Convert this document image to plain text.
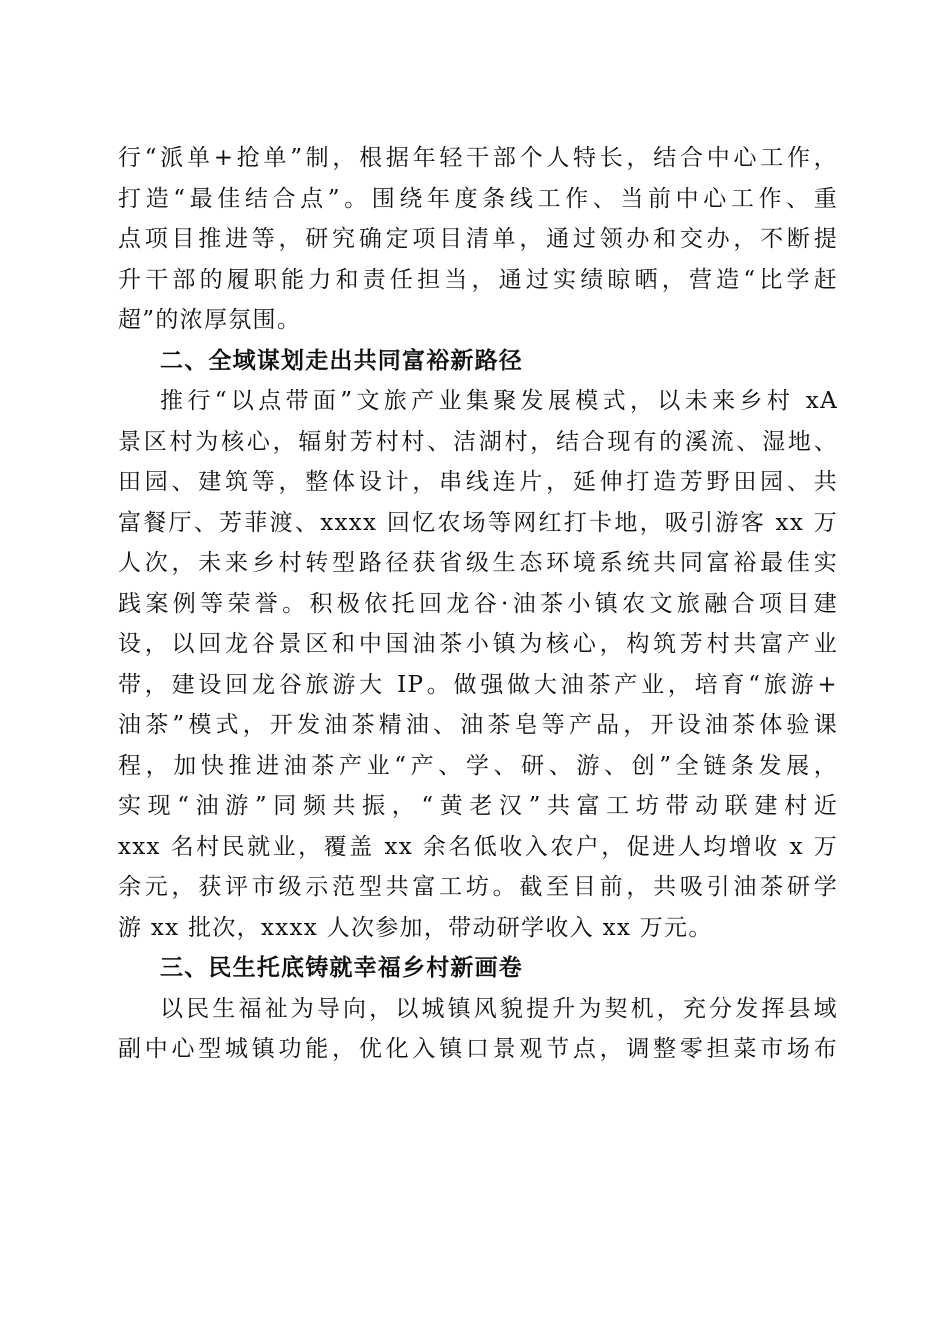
行“派单+抢单”制，根据年轻干部个人特长，结合中心工作，
打造“最佳结合点”。围绕年度条线工作、当前中心工作、重
点项目推进等，研究确定项目清单，通过领办和交办，不断提
升干部的履职能力和责任担当，通过实绩晾晒，营造“比学赶
超”的浓厚氛围。
二、全域谋划走出共同富裕新路径
推行“以点带面”文旅产业集聚发展模式，以未来乡村 xA
景区村为核心，辐射芳村村、洁湖村，结合现有的溪流、湿地、
田园、建筑等，整体设计，串线连片，延伸打造芳野田园、共
富餐厅、芳菲渡、xxxx 回忆农场等网红打卡地，吸引游客 xx 万
人次，未来乡村转型路径获省级生态环境系统共同富裕最佳实
践案例等荣誉。积极依托回龙谷·油茶小镇农文旅融合项目建
设，以回龙谷景区和中国油茶小镇为核心，构筑芳村共富产业
带，建设回龙谷旅游大 IP。做强做大油茶产业，培育“旅游+
油茶”模式，开发油茶精油、油茶皂等产品，开设油茶体验课
程，加快推进油茶产业“产、学、研、游、创”全链条发展，
实现“油游”同频共振，“黄老汉”共富工坊带动联建村近
xxx 名村民就业，覆盖 xx 余名低收入农户，促进人均增收 x 万
余元，获评市级示范型共富工坊。截至目前，共吸引油茶研学
游 xx 批次，xxxx 人次参加，带动研学收入 xx 万元。
三、民生托底铸就幸福乡村新画卷
以民生福祉为导向，以城镇风貌提升为契机，充分发挥县域
副中心型城镇功能，优化入镇口景观节点，调整零担菜市场布
